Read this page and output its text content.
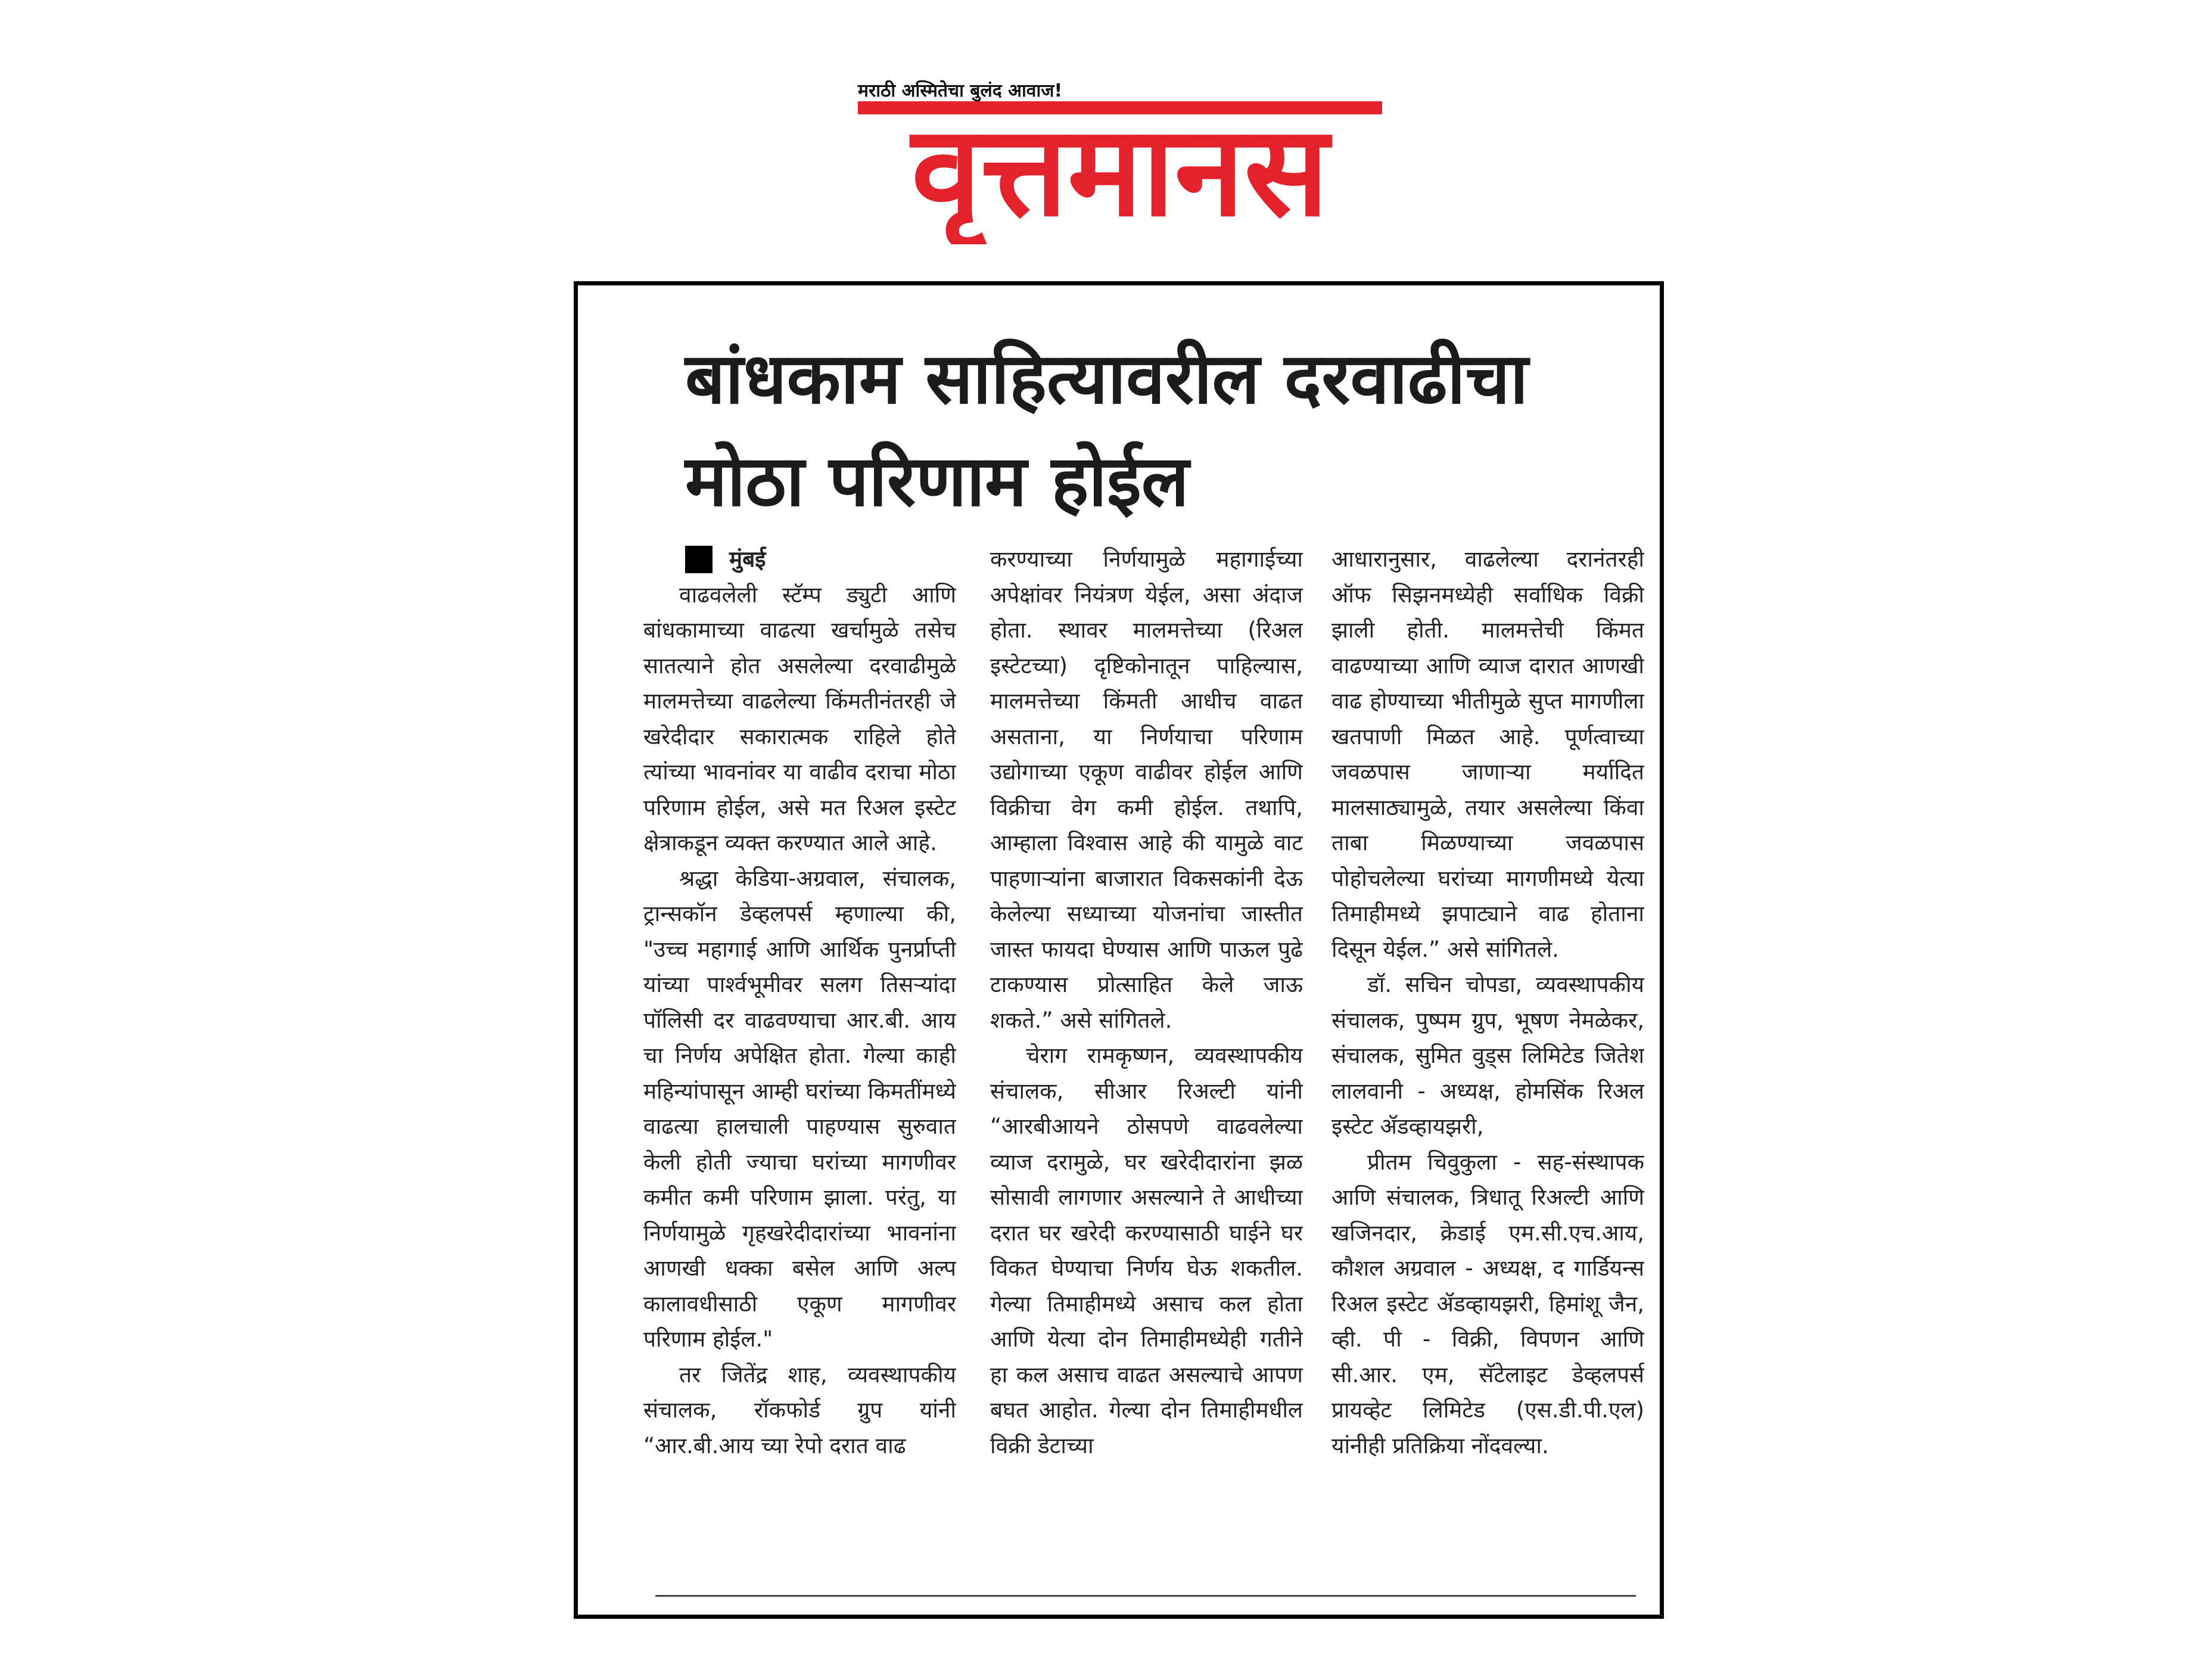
मराठी अस्मितेचा बुलंद आवाज!
वृत्तमानस
बांधकाम साहित्यावरील दरवाढीचा
मोठा परिणाम होईल

मुंबई

वाढवलेली स्टॅम्प ड्युटी आणि बांधकामाच्या वाढत्या खर्चामुळे तसेच सातत्याने होत असलेल्या दरवाढीमुळे मालमत्तेच्या वाढलेल्या किंमतीनंतरही जे खरेदीदार सकारात्मक राहिले होते त्यांच्या भावनांवर या वाढीव दराचा मोठा परिणाम होईल, असे मत रिअल इस्टेट क्षेत्राकडून व्यक्त करण्यात आले आहे.

श्रद्धा केडिया-अग्रवाल, संचालक, ट्रान्सकॉन डेव्हलपर्स म्हणाल्या की, "उच्च महागाई आणि आर्थिक पुनर्प्राप्ती यांच्या पार्श्वभूमीवर सलग तिसऱ्यांदा पॉलिसी दर वाढवण्याचा आर.बी. आय चा निर्णय अपेक्षित होता. गेल्या काही महिन्यांपासून आम्ही घरांच्या किमतींमध्ये वाढत्या हालचाली पाहण्यास सुरुवात केली होती ज्याचा घरांच्या मागणीवर कमीत कमी परिणाम झाला. परंतु, या निर्णयामुळे गृहखरेदीदारांच्या भावनांना आणखी धक्का बसेल आणि अल्प कालावधीसाठी एकूण मागणीवर परिणाम होईल."

तर जितेंद्र शाह, व्यवस्थापकीय संचालक, रॉकफोर्ड ग्रुप यांनी “आर.बी.आय च्या रेपो दरात वाढ

करण्याच्या निर्णयामुळे महागाईच्या अपेक्षांवर नियंत्रण येईल, असा अंदाज होता. स्थावर मालमत्तेच्या (रिअल इस्टेटच्या) दृष्टिकोनातून पाहिल्यास, मालमत्तेच्या किंमती आधीच वाढत असताना, या निर्णयाचा परिणाम उद्योगाच्या एकूण वाढीवर होईल आणि विक्रीचा वेग कमी होईल. तथापि, आम्हाला विश्वास आहे की यामुळे वाट पाहणाऱ्यांना बाजारात विकसकांनी देऊ केलेल्या सध्याच्या योजनांचा जास्तीत जास्त फायदा घेण्यास आणि पाऊल पुढे टाकण्यास प्रोत्साहित केले जाऊ शकते.” असे सांगितले.

चेराग रामकृष्णन, व्यवस्थापकीय संचालक, सीआर रिअल्टी यांनी “आरबीआयने ठोसपणे वाढवलेल्या व्याज दरामुळे, घर खरेदीदारांना झळ सोसावी लागणार असल्याने ते आधीच्या दरात घर खरेदी करण्यासाठी घाईने घर विकत घेण्याचा निर्णय घेऊ शकतील. गेल्या तिमाहीमध्ये असाच कल होता आणि येत्या दोन तिमाहीमध्येही गतीने हा कल असाच वाढत असल्याचे आपण बघत आहोत. गेल्या दोन तिमाहीमधील विक्री डेटाच्या

आधारानुसार, वाढलेल्या दरानंतरही ऑफ सिझनमध्येही सर्वाधिक विक्री झाली होती. मालमत्तेची किंमत वाढण्याच्या आणि व्याज दारात आणखी वाढ होण्याच्या भीतीमुळे सुप्त मागणीला खतपाणी मिळत आहे. पूर्णत्वाच्या जवळपास जाणाऱ्या मर्यादित मालसाठ्यामुळे, तयार असलेल्या किंवा ताबा मिळण्याच्या जवळपास पोहोचलेल्या घरांच्या मागणीमध्ये येत्या तिमाहीमध्ये झपाट्याने वाढ होताना दिसून येईल.” असे सांगितले.

डॉ. सचिन चोपडा, व्यवस्थापकीय संचालक, पुष्पम ग्रुप, भूषण नेमळेकर, संचालक, सुमित वुड्स लिमिटेड जितेश लालवानी - अध्यक्ष, होमसिंक रिअल इस्टेट ॲडव्हायझरी,

प्रीतम चिवुकुला - सह-संस्थापक आणि संचालक, त्रिधातू रिअल्टी आणि खजिनदार, क्रेडाई एम.सी.एच.आय, कौशल अग्रवाल - अध्यक्ष, द गार्डियन्स रिअल इस्टेट ॲडव्हायझरी, हिमांशू जैन, व्ही. पी - विक्री, विपणन आणि सी.आर. एम, सॅटेलाइट डेव्हलपर्स प्रायव्हेट लिमिटेड (एस.डी.पी.एल) यांनीही प्रतिक्रिया नोंदवल्या.
